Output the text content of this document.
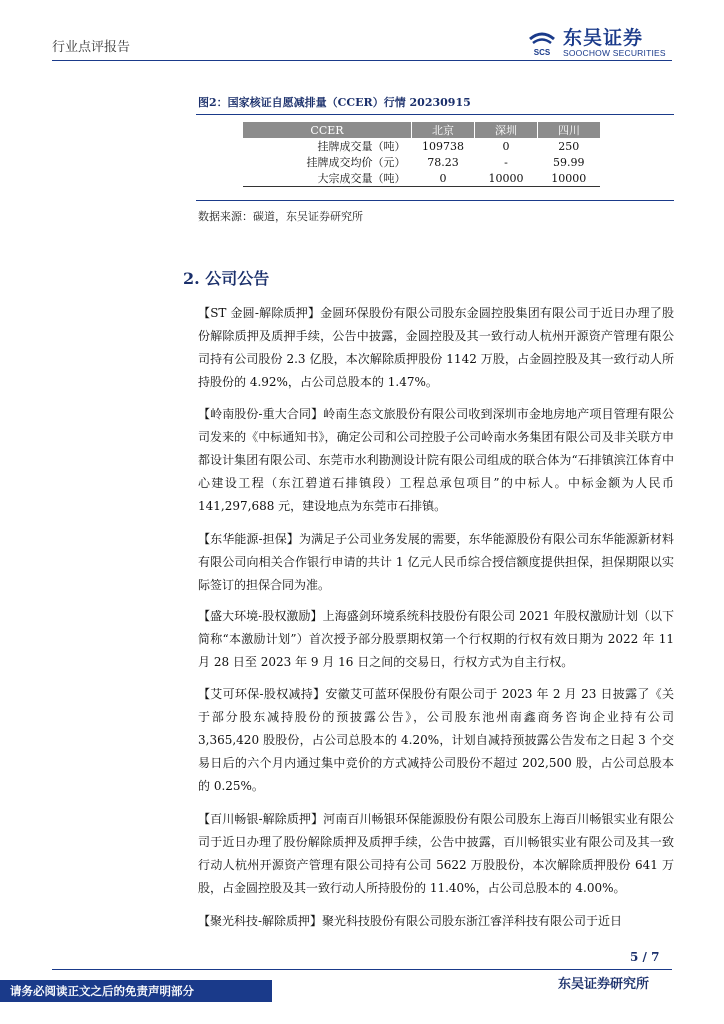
行业点评报告	SCS
东吴证券
SOOCHOW SECURITIES
图2：国家核证自愿减排量（CCER）行情 20230915
CCER	北京	深圳	四川
挂牌成交量（吨）	109738	0	250
挂牌成交均价（元）	78.23	-	59.99
大宗成交量（吨）	0	10000	10000
数据来源：碳道，东吴证券研究所
2. 公司公告
【ST 金圆-解除质押】金圆环保股份有限公司股东金圆控股集团有限公司于近日办理了股份解除质押及质押手续，公告中披露，金圆控股及其一致行动人杭州开源资产管理有限公司持有公司股份 2.3 亿股，本次解除质押股份 1142 万股，占金圆控股及其一致行动人所持股份的 4.92%，占公司总股本的 1.47%。
【岭南股份-重大合同】岭南生态文旅股份有限公司收到深圳市金地房地产项目管理有限公司发来的《中标通知书》，确定公司和公司控股子公司岭南水务集团有限公司及非关联方申都设计集团有限公司、东莞市水利勘测设计院有限公司组成的联合体为“石排镇滨江体育中心建设工程（东江碧道石排镇段）工程总承包项目”的中标人。中标金额为人民币 141,297,688 元，建设地点为东莞市石排镇。
【东华能源-担保】为满足子公司业务发展的需要，东华能源股份有限公司东华能源新材料有限公司向相关合作银行申请的共计 1 亿元人民币综合授信额度提供担保，担保期限以实际签订的担保合同为准。
【盛大环境-股权激励】上海盛剑环境系统科技股份有限公司 2021 年股权激励计划（以下简称“本激励计划”）首次授予部分股票期权第一个行权期的行权有效日期为 2022 年 11 月 28 日至 2023 年 9 月 16 日之间的交易日，行权方式为自主行权。
【艾可环保-股权减持】安徽艾可蓝环保股份有限公司于 2023 年 2 月 23 日披露了《关于部分股东减持股份的预披露公告》，公司股东池州南鑫商务咨询企业持有公司 3,365,420 股股份，占公司总股本的 4.20%，计划自减持预披露公告发布之日起 3 个交易日后的六个月内通过集中竞价的方式减持公司股份不超过 202,500 股，占公司总股本的 0.25%。
【百川畅银-解除质押】河南百川畅银环保能源股份有限公司股东上海百川畅银实业有限公司于近日办理了股份解除质押及质押手续，公告中披露，百川畅银实业有限公司及其一致行动人杭州开源资产管理有限公司持有公司 5622 万股股份，本次解除质押股份 641 万股，占金圆控股及其一致行动人所持股份的 11.40%，占公司总股本的 4.00%。
【聚光科技-解除质押】聚光科技股份有限公司股东浙江睿洋科技有限公司于近日
5 / 7
请务必阅读正文之后的免责声明部分	东吴证券研究所
